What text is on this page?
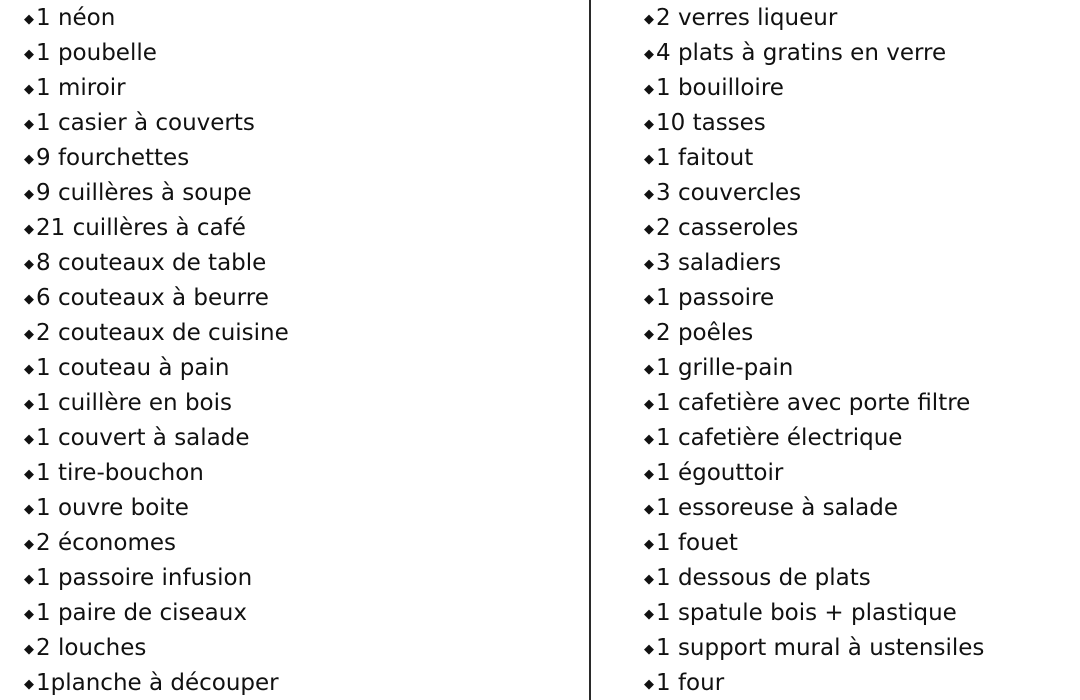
◆1 néon
◆1 poubelle
◆1 miroir
◆1 casier à couverts
◆9 fourchettes
◆9 cuillères à soupe
◆21 cuillères à café
◆8 couteaux de table
◆6 couteaux à beurre
◆2 couteaux de cuisine
◆1 couteau à pain
◆1 cuillère en bois
◆1 couvert à salade
◆1 tire-bouchon
◆1 ouvre boite
◆2 économes
◆1 passoire infusion
◆1 paire de ciseaux
◆2 louches
◆1planche à découper
◆2 verres liqueur
◆4 plats à gratins en verre
◆1 bouilloire
◆10 tasses
◆1 faitout
◆3 couvercles
◆2 casseroles
◆3 saladiers
◆1 passoire
◆2 poêles
◆1 grille-pain
◆1 cafetière avec porte filtre
◆1 cafetière électrique
◆1 égouttoir
◆1 essoreuse à salade
◆1 fouet
◆1 dessous de plats
◆1 spatule bois + plastique
◆1 support mural à ustensiles
◆1 four
